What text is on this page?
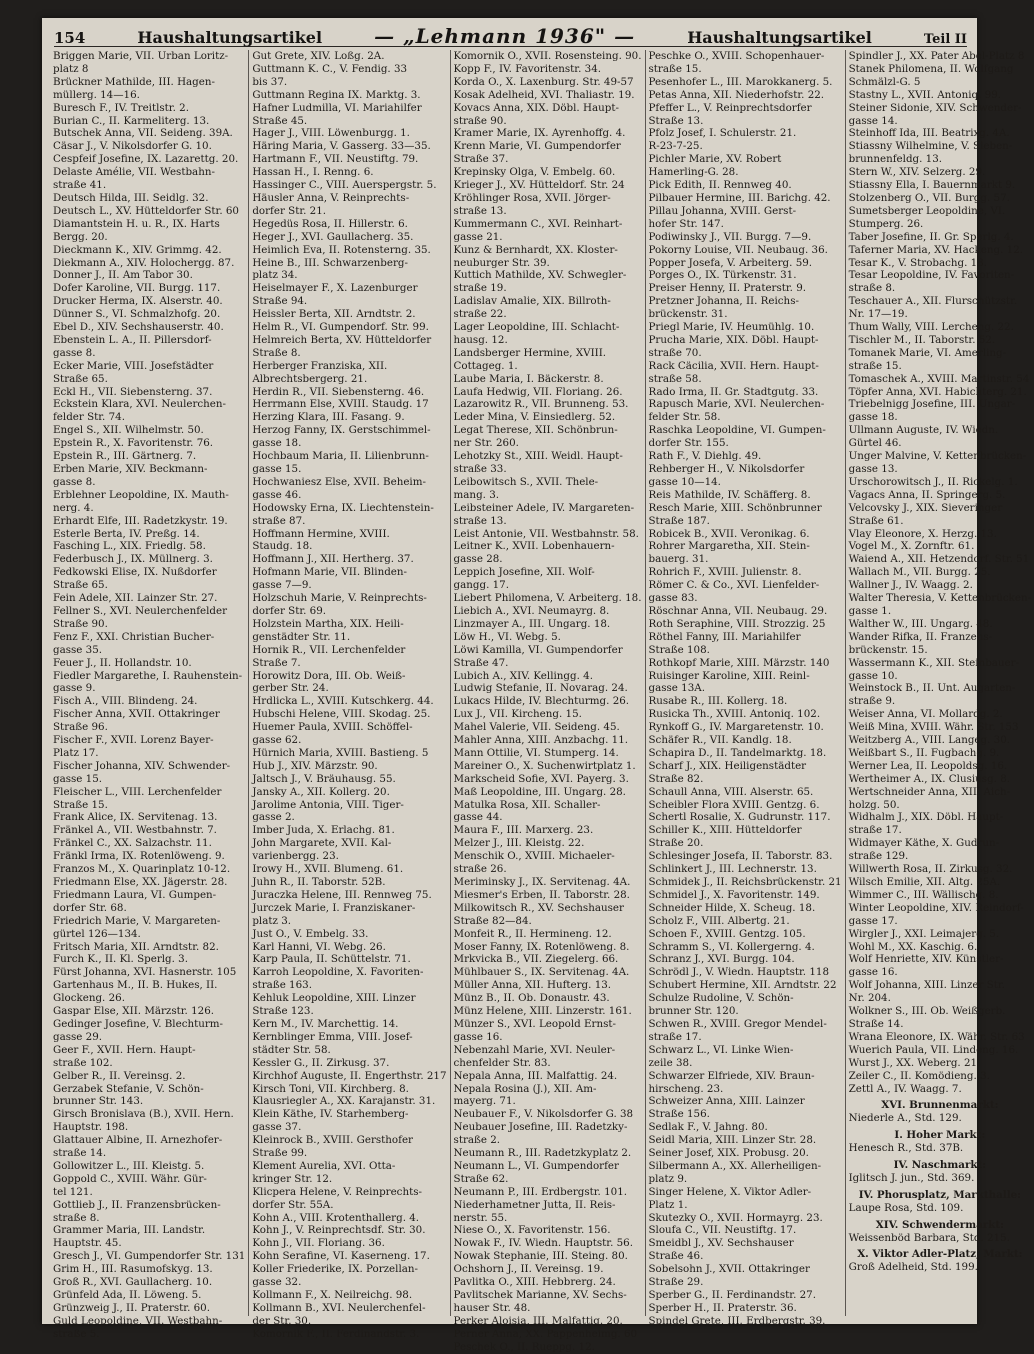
154	Haushaltungsartikel	— „Lehmann 1936" —	Haushaltungsartikel	Teil II
Briggen Marie, VII. Urban Loritz-
platz 8
Brückner Mathilde, III. Hagen-
müllerg. 14—16.
Buresch F., IV. Treitlstr. 2.
Burian C., II. Karmeliterg. 13.
Butschek Anna, VII. Seideng. 39A.
Cäsar J., V. Nikolsdorfer G. 10.
Cespfeif Josefine, IX. Lazarettg. 20.
Delaste Amélie, VII. Westbahn-
straße 41.
Deutsch Hilda, III. Seidlg. 32.
Deutsch L., XV. Hütteldorfer Str. 60
Diamantstein H. u. R., IX. Harts
Bergg. 20.
Dieckmann K., XIV. Grimmg. 42.
Diekmann A., XIV. Holochergg. 87.
Donner J., II. Am Tabor 30.
Dofer Karoline, VII. Burgg. 117.
Drucker Herma, IX. Alserstr. 40.
Dünner S., VI. Schmalzhofg. 20.
Ebel D., XIV. Sechshauserstr. 40.
Ebenstein L. A., II. Pillersdorf-
gasse 8.
Ecker Marie, VIII. Josefstädter
Straße 65.
Eckl H., VII. Siebensterng. 37.
Eckstein Klara, XVI. Neulerchen-
felder Str. 74.
Engel S., XII. Wilhelmstr. 50.
Epstein R., X. Favoritenstr. 76.
Epstein R., III. Gärtnerg. 7.
Erben Marie, XIV. Beckmann-
gasse 8.
Erblehner Leopoldine, IX. Mauth-
nerg. 4.
Erhardt Elfe, III. Radetzkystr. 19.
Esterle Berta, IV. Preßg. 14.
Fasching L., XIX. Friedlg. 58.
Federbusch J., IX. Müllnerg. 3.
Fedkowski Elise, IX. Nußdorfer
Straße 65.
Fein Adele, XII. Lainzer Str. 27.
Fellner S., XVI. Neulerchenfelder
Straße 90.
Fenz F., XXI. Christian Bucher-
gasse 35.
Feuer J., II. Hollandstr. 10.
Fiedler Margarethe, I. Rauhenstein-
gasse 9.
Fisch A., VIII. Blindeng. 24.
Fischer Anna, XVII. Ottakringer
Straße 96.
Fischer F., XVII. Lorenz Bayer-
Platz 17.
Fischer Johanna, XIV. Schwender-
gasse 15.
Fleischer L., VIII. Lerchenfelder
Straße 15.
Frank Alice, IX. Servitenag. 13.
Fränkel A., VII. Westbahnstr. 7.
Fränkel C., XX. Salzachstr. 11.
Fränkl Irma, IX. Rotenlöweng. 9.
Franzos M., X. Quarinplatz 10-12.
Friedmann Else, XX. Jägerstr. 28.
Friedmann Laura, VI. Gumpen-
dorfer Str. 68.
Friedrich Marie, V. Margareten-
gürtel 126—134.
Fritsch Maria, XII. Arndtstr. 82.
Furch K., II. Kl. Sperlg. 3.
Fürst Johanna, XVI. Hasnerstr. 105
Gartenhaus M., II. B. Hukes, II.
Glockeng. 26.
Gaspar Else, XII. Märzstr. 126.
Gedinger Josefine, V. Blechturm-
gasse 29.
Geer F., XVII. Hern. Haupt-
straße 102.
Gelber R., II. Vereinsg. 2.
Gerzabek Stefanie, V. Schön-
brunner Str. 143.
Girsch Bronislava (B.), XVII. Hern.
Hauptstr. 198.
Glattauer Albine, II. Arnezhofer-
straße 14.
Gollowitzer L., III. Kleistg. 5.
Goppold C., XVIII. Währ. Gür-
tel 121.
Gottlieb J., II. Franzensbrücken-
straße 8.
Grammer Maria, III. Landstr.
Hauptstr. 45.
Gresch J., VI. Gumpendorfer Str. 131
Grim H., III. Rasumofskyg. 13.
Groß R., XVI. Gaullacherg. 10.
Grünfeld Ada, II. Löweng. 5.
Grünzweig J., II. Praterstr. 60.
Guld Leopoldine, VII. Westbahn-
straße 5.
Gut Grete, XIV. Loßg. 2A.
Guttmann K. C., V. Fendig. 33
bis 37.
Guttmann Regina IX. Marktg. 3.
Hafner Ludmilla, VI. Mariahilfer
Straße 45.
Hager J., VIII. Löwenburgg. 1.
Häring Maria, V. Gasserg. 33—35.
Hartmann F., VII. Neustiftg. 79.
Hassan H., I. Renng. 6.
Hassinger C., VIII. Auerspergstr. 5.
Häusler Anna, V. Reinprechts-
dorfer Str. 21.
Hegedüs Rosa, II. Hillerstr. 6.
Heger J., XVI. Gaullacherg. 35.
Heimlich Eva, II. Rotensterng. 35.
Heine B., III. Schwarzenberg-
platz 34.
Heiselmayer F., X. Lazenburger
Straße 94.
Heissler Berta, XII. Arndtstr. 2.
Helm R., VI. Gumpendorf. Str. 99.
Helmreich Berta, XV. Hütteldorfer
Straße 8.
Herberger Franziska, XII.
Albrechtsbergerg. 21.
Herdin R., VII. Siebensterng. 46.
Herrmann Else, XVIII. Staudg. 17
Herzing Klara, III. Fasang. 9.
Herzog Fanny, IX. Gerstschimmel-
gasse 18.
Hochbaum Maria, II. Lilienbrunn-
gasse 15.
Hochwaniesz Else, XVII. Beheim-
gasse 46.
Hodowsky Erna, IX. Liechtenstein-
straße 87.
Hoffmann Hermine, XVIII.
Staudg. 18.
Hoffmann J., XII. Hertherg. 37.
Hofmann Marie, VII. Blinden-
gasse 7—9.
Holzschuh Marie, V. Reinprechts-
dorfer Str. 69.
Holzstein Martha, XIX. Heili-
genstädter Str. 11.
Hornik R., VII. Lerchenfelder
Straße 7.
Horowitz Dora, III. Ob. Weiß-
gerber Str. 24.
Hrdlicka L., XVIII. Kutschkerg. 44.
Hubschi Helene, VIII. Skodag. 25.
Huemer Paula, XVIII. Schöffel-
gasse 62.
Hürnich Maria, XVIII. Bastieng. 5
Hub J., XIV. Märzstr. 90.
Jaltsch J., V. Bräuhausg. 55.
Jansky A., XII. Kollerg. 20.
Jarolime Antonia, VIII. Tiger-
gasse 2.
Imber Juda, X. Erlachg. 81.
John Margarete, XVII. Kal-
varienbergg. 23.
Irowy H., XVII. Blumeng. 61.
Juhn R., II. Taborstr. 52B.
Juraczka Helene, III. Rennweg 75.
Jurczek Marie, I. Franziskaner-
platz 3.
Just O., V. Embelg. 33.
Karl Hanni, VI. Webg. 26.
Karp Paula, II. Schüttelstr. 71.
Karroh Leopoldine, X. Favoriten-
straße 163.
Kehluk Leopoldine, XIII. Linzer
Straße 123.
Kern M., IV. Marchettig. 14.
Kernblinger Emma, VIII. Josef-
städter Str. 58.
Kessler G., II. Zirkusg. 37.
Kirchhof Auguste, II. Engerthstr. 217
Kirsch Toni, VII. Kirchberg. 8.
Klausriegler A., XX. Karajanstr. 31.
Klein Käthe, IV. Starhemberg-
gasse 37.
Kleinrock B., XVIII. Gersthofer
Straße 99.
Klement Aurelia, XVI. Otta-
kringer Str. 12.
Klicpera Helene, V. Reinprechts-
dorfer Str. 55A.
Kohn A., VIII. Krotenthallerg. 4.
Kohn J., V. Reinprechtsdf. Str. 30.
Kohn J., VII. Floriang. 36.
Kohn Serafine, VI. Kaserneng. 17.
Koller Friederike, IX. Porzellan-
gasse 32.
Kollmann F., X. Neilreichg. 98.
Kollmann B., XVI. Neulerchenfel-
der Str. 30.
Komornik F., II. Ferdinandstr. 3.
Komornik O., XVII. Rosensteing. 90.
Kopp F., IV. Favoritenstr. 34.
Korda O., X. Laxenburg. Str. 49-57
Kosak Adelheid, XVI. Thaliastr. 19.
Kovacs Anna, XIX. Döbl. Haupt-
straße 90.
Kramer Marie, IX. Ayrenhoffg. 4.
Krenn Marie, VI. Gumpendorfer
Straße 37.
Krepinsky Olga, V. Embelg. 60.
Krieger J., XV. Hütteldorf. Str. 24
Kröhlinger Rosa, XVII. Jörger-
straße 13.
Kummermann C., XVI. Reinhart-
gasse 21.
Kunz & Bernhardt, XX. Kloster-
neuburger Str. 39.
Kuttich Mathilde, XV. Schwegler-
straße 19.
Ladislav Amalie, XIX. Billroth-
straße 22.
Lager Leopoldine, III. Schlacht-
hausg. 12.
Landsberger Hermine, XVIII.
Cottageg. 1.
Laube Maria, I. Bäckerstr. 8.
Laufa Hedwig, VII. Floriang. 26.
Lazarowitz R., VII. Brunneng. 53.
Leder Mina, V. Einsiedlerg. 52.
Legat Therese, XII. Schönbrun-
ner Str. 260.
Lehotzky St., XIII. Weidl. Haupt-
straße 33.
Leibowitsch S., XVII. Thele-
mang. 3.
Leibsteiner Adele, IV. Margareten-
straße 13.
Leist Antonie, VII. Westbahnstr. 58.
Leitner K., XVII. Lobenhauern-
gasse 28.
Leppich Josefine, XII. Wolf-
gangg. 17.
Liebert Philomena, V. Arbeiterg. 18.
Liebich A., XVI. Neumayrg. 8.
Linzmayer A., III. Ungarg. 18.
Löw H., VI. Webg. 5.
Löwi Kamilla, VI. Gumpendorfer
Straße 47.
Lubich A., XIV. Kellingg. 4.
Ludwig Stefanie, II. Novarag. 24.
Lukacs Hilde, IV. Blechturmg. 26.
Lux J., VII. Kircheng. 15.
Mahel Valerie, VII. Seideng. 45.
Mahler Anna, XIII. Anzbachg. 11.
Mann Ottilie, VI. Stumperg. 14.
Mareiner O., X. Suchenwirtplatz 1.
Markscheid Sofie, XVI. Payerg. 3.
Maß Leopoldine, III. Ungarg. 28.
Matulka Rosa, XII. Schaller-
gasse 44.
Maura F., III. Marxerg. 23.
Melzer J., III. Kleistg. 22.
Menschik O., XVIII. Michaeler-
straße 26.
Meriminsky J., IX. Servitenag. 4A.
Miesmer's Erben, II. Taborstr. 28.
Milkowitsch R., XV. Sechshauser
Straße 82—84.
Monfeit R., II. Hermineng. 12.
Moser Fanny, IX. Rotenlöweng. 8.
Mrkvicka B., VII. Ziegelerg. 66.
Mühlbauer S., IX. Servitenag. 4A.
Müller Anna, XII. Hufterg. 13.
Münz B., II. Ob. Donaustr. 43.
Münz Helene, XIII. Linzerstr. 161.
Münzer S., XVI. Leopold Ernst-
gasse 16.
Nebenzahl Marie, XVI. Neuler-
chenfelder Str. 83.
Nepala Anna, III. Malfattig. 24.
Nepala Rosina (J.), XII. Am-
mayerg. 71.
Neubauer F., V. Nikolsdorfer G. 38
Neubauer Josefine, III. Radetzky-
straße 2.
Neumann R., III. Radetzkyplatz 2.
Neumann L., VI. Gumpendorfer
Straße 62.
Neumann P., III. Erdbergstr. 101.
Niederhametner Jutta, II. Reis-
nerstr. 55.
Niese O., X. Favoritenstr. 156.
Nowak F., IV. Wiedn. Hauptstr. 56.
Nowak Stephanie, III. Steing. 80.
Ochshorn J., II. Vereinsg. 19.
Pavlitka O., XIII. Hebbrerg. 24.
Pavlitschek Marianne, XV. Sechs-
hauser Str. 48.
Perker Aloisia, III. Malfattig. 20.
Perner Anna, XX. Pappenheimg. 60
Peschek O., II. Rueppg. 12.
Peschke O., XVIII. Schopenhauer-
straße 15.
Pesenhofer L., III. Marokkanerg. 5.
Petas Anna, XII. Niederhofstr. 22.
Pfeffer L., V. Reinprechtsdorfer
Straße 13.
Pfolz Josef, I. Schulerstr. 21.
R-23-7-25.
Pichler Marie, XV. Robert
Hamerling-G. 28.
Pick Edith, II. Rennweg 40.
Pilbauer Hermine, III. Barichg. 42.
Pillau Johanna, XVIII. Gerst-
hofer Str. 147.
Podiwinsky J., VII. Burgg. 7—9.
Pokorny Louise, VII. Neubaug. 36.
Popper Josefa, V. Arbeiterg. 59.
Porges O., IX. Türkenstr. 31.
Preiser Henny, II. Praterstr. 9.
Pretzner Johanna, II. Reichs-
brückenstr. 31.
Priegl Marie, IV. Heumühlg. 10.
Prucha Marie, XIX. Döbl. Haupt-
straße 70.
Rack Cäcilia, XVII. Hern. Haupt-
straße 58.
Rado Irma, II. Gr. Stadtgutg. 33.
Rapusch Marie, XVI. Neulerchen-
felder Str. 58.
Raschka Leopoldine, VI. Gumpen-
dorfer Str. 155.
Rath F., V. Diehlg. 49.
Rehberger H., V. Nikolsdorfer
gasse 10—14.
Reis Mathilde, IV. Schäfferg. 8.
Resch Marie, XIII. Schönbrunner
Straße 187.
Robicek B., XVII. Veronikag. 6.
Rohrer Margaretha, XII. Stein-
bauerg. 31.
Rohrich F., XVIII. Julienstr. 8.
Römer C. & Co., XVI. Lienfelder-
gasse 83.
Röschnar Anna, VII. Neubaug. 29.
Roth Seraphine, VIII. Strozzig. 25
Röthel Fanny, III. Mariahilfer
Straße 108.
Rothkopf Marie, XIII. Märzstr. 140
Ruisinger Karoline, XIII. Reinl-
gasse 13A.
Rusabe R., III. Kollerg. 18.
Rusicka Th., XVIII. Antoniq. 102.
Rynkoff G., IV. Margaretenstr. 10.
Schäfer R., VII. Kandlg. 18.
Schapira D., II. Tandelmarktg. 18.
Scharf J., XIX. Heiligenstädter
Straße 82.
Schaull Anna, VIII. Alserstr. 65.
Scheibler Flora XVIII. Gentzg. 6.
Schertl Rosalie, X. Gudrunstr. 117.
Schiller K., XIII. Hütteldorfer
Straße 20.
Schlesinger Josefa, II. Taborstr. 83.
Schlinkert J., III. Lechnerstr. 13.
Schmidek J., II. Reichsbrückenstr. 21
Schmidel J., X. Favoritenstr. 149.
Schneider Hilde, X. Scheug. 18.
Scholz F., VIII. Albertg. 21.
Schoen F., XVIII. Gentzg. 105.
Schramm S., VI. Kollergerng. 4.
Schranz J., XVI. Burgg. 104.
Schrödl J., V. Wiedn. Hauptstr. 118
Schubert Hermine, XII. Arndtstr. 22
Schulze Rudoline, V. Schön-
brunner Str. 120.
Schwen R., XVIII. Gregor Mendel-
straße 17.
Schwarz L., VI. Linke Wien-
zeile 38.
Schwarzer Elfriede, XIV. Braun-
hirscheng. 23.
Schweizer Anna, XIII. Lainzer
Straße 156.
Sedlak F., V. Jahng. 80.
Seidl Maria, XIII. Linzer Str. 28.
Seiner Josef, XIX. Probusg. 20.
Silbermann A., XX. Allerheiligen-
platz 9.
Singer Helene, X. Viktor Adler-
Platz 1.
Skutezky O., XVII. Hormayrg. 23.
Sloufa C., VII. Neustiftg. 17.
Smeidbl J., XV. Sechshauser
Straße 46.
Sobelsohn J., XVII. Ottakringer
Straße 29.
Sperber G., II. Ferdinandstr. 27.
Sperber H., II. Praterstr. 36.
Spindel Grete, III. Erdbergstr. 39.
Spindler J., XX. Pater Abel-Platz 8
Stanek Philomena, II. Wolfgang
Schmälzl-G. 5
Stastny L., XVII. Antoniq. 99.
Steiner Sidonie, XIV. Schwender-
gasse 14.
Steinhoff Ida, III. Beatrixg. 4A.
Stiassny Wilhelmine, V. Sieben-
brunnenfeldg. 13.
Stern W., XIV. Selzerg. 29.
Stiassny Ella, I. Bauernmarkt 9.
Stolzenberg O., VII. Burgg. 57.
Sumetsberger Leopoldine, VI.
Stumperg. 26.
Taber Josefine, II. Gr. Sperlg. 4.
Taferner Maria, XV. Hackeng. 12.
Tesar K., V. Strobachg. 13.
Tesar Leopoldine, IV. Favoriten-
straße 8.
Teschauer A., XII. Flurschützstr.
Nr. 17—19.
Thum Wally, VIII. Lercheng. 22.
Tischler M., II. Taborstr. 52.
Tomanek Marie, VI. Amerling-
straße 15.
Tomaschek A., XVIII. Martinstr. 54
Töpfer Anna, XVI. Habichterg. 21.
Triebelnigg Josefine, III. Ungar-
gasse 18.
Ullmann Auguste, IV. Wiedn.
Gürtel 46.
Unger Malvine, V. Kettenbrücken-
gasse 13.
Urschorowitsch J., II. Rickelg. 1.
Vagacs Anna, II. Springerg. 5.
Velcovsky J., XIX. Sieveringer
Straße 61.
Vlay Eleonore, X. Herzg. 13.
Vogel M., X. Zornftr. 61.
Waiend A., XII. Hetzendorf. Str. 51
Wallach M., VII. Burgg. 25.
Wallner J., IV. Waagg. 2.
Walter Theresia, V. Kettenbrücken-
gasse 1.
Walther W., III. Ungarg. 48.
Wander Rifka, II. Franzens-
brückenstr. 15.
Wassermann K., XII. Steinbauer-
gasse 10.
Weinstock B., II. Unt. Augarten-
straße 9.
Weiser Anna, VI. Mollardg. 2.
Weiß Mina, XVIII. Währ. Str. 153
Weitzberg A., VIII. Langeg. 30.
Weißbart S., II. Fugbachg. 9.
Werner Lea, II. Leopoldsg. 16.
Wertheimer A., IX. Clusiusg. 8.
Wertschneider Anna, XII. Aich-
holzg. 50.
Widhalm J., XIX. Döbl. Haupt-
straße 17.
Widmayer Käthe, X. Gudrun-
straße 129.
Willwerth Rosa, II. Zirkusg. 32.
Wilsch Emilie, XII. Altg. 25A.
Wimmer C., III. Wällischg. 8.
Winter Leopoldine, XIV. Reindorf-
gasse 17.
Wirgler J., XXI. Leimajerg. 5.
Wohl M., XX. Kaschig. 6.
Wolf Henriette, XIV. Künstler-
gasse 16.
Wolf Johanna, XIII. Linzer Str.
Nr. 204.
Wolkner S., III. Ob. Weißgerb.
Straße 14.
Wrana Eleonore, IX. Währ. Str. 63
Wuerich Paula, VII. Lindeng. 16.
Wurst J., XX. Weberg. 21.
Zeiler C., II. Komödieng. 3.
Zettl A., IV. Waagg. 7.
XVI. Brunnenmarkt:
Niederle A., Std. 129.
I. Hoher Markt:
Henesch R., Std. 37B.
IV. Naschmarkt:
Iglitsch J. jun., Std. 369.
IV. Phorusplatz, Markthalle:
Laupe Rosa, Std. 109.
XIV. Schwendermarkt:
Weissenböd Barbara, Std. 215.
X. Viktor Adler-Platz, Markt:
Groß Adelheid, Std. 199.
